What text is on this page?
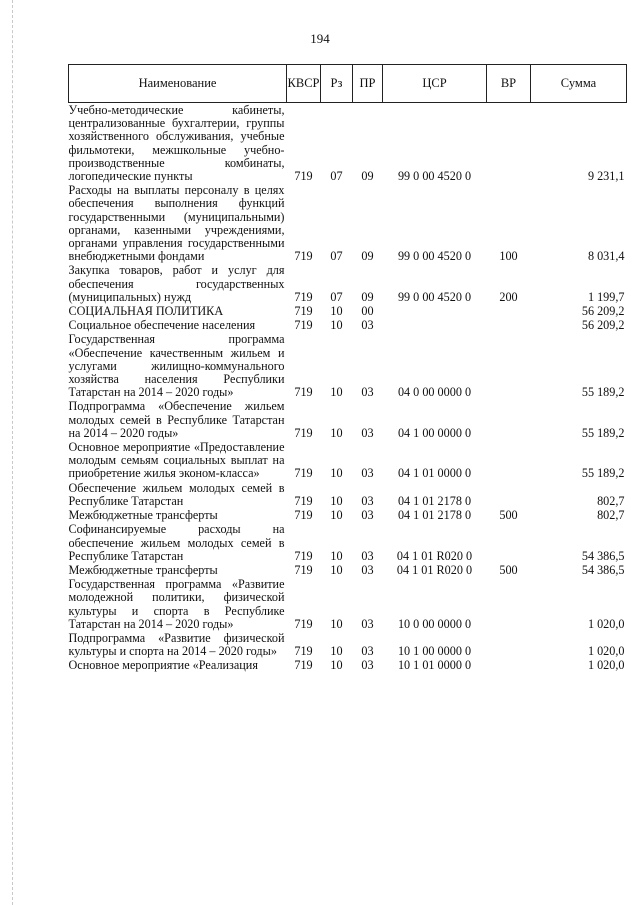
194
Наименование	КВСР	Рз	ПР	ЦСР	ВР	Сумма
Учебно-методические кабинеты, централизованные бухгалтерии, группы хозяйственного обслуживания, учебные фильмотеки, межшкольные учебно-производственные комбинаты, логопедические пункты	719	07	09	99 0 00 4520 0		9 231,1
Расходы на выплаты персоналу в целях обеспечения выполнения функций государственными (муниципальными) органами, казенными учреждениями, органами управления государственными внебюджетными фондами	719	07	09	99 0 00 4520 0	100	8 031,4
Закупка товаров, работ и услуг для обеспечения государственных (муниципальных) нужд	719	07	09	99 0 00 4520 0	200	1 199,7
СОЦИАЛЬНАЯ ПОЛИТИКА	719	10	00			56 209,2
Социальное обеспечение населения	719	10	03			56 209,2
Государственная программа «Обеспечение качественным жильем и услугами жилищно-коммунального хозяйства населения Республики Татарстан на 2014 – 2020 годы»	719	10	03	04 0 00 0000 0		55 189,2
Подпрограмма «Обеспечение жильем молодых семей в Республике Татарстан на 2014 – 2020 годы»	719	10	03	04 1 00 0000 0		55 189,2
Основное мероприятие «Предоставление молодым семьям социальных выплат на приобретение жилья эконом-класса»	719	10	03	04 1 01 0000 0		55 189,2
Обеспечение жильем молодых семей в Республике Татарстан	719	10	03	04 1 01 2178 0		802,7
Межбюджетные трансферты	719	10	03	04 1 01 2178 0	500	802,7
Софинансируемые расходы на обеспечение жильем молодых семей в Республике Татарстан	719	10	03	04 1 01 R020 0		54 386,5
Межбюджетные трансферты	719	10	03	04 1 01 R020 0	500	54 386,5
Государственная программа «Развитие молодежной политики, физической культуры и спорта в Республике Татарстан на 2014 – 2020 годы»	719	10	03	10 0 00 0000 0		1 020,0
Подпрограмма «Развитие физической культуры и спорта на 2014 – 2020 годы»	719	10	03	10 1 00 0000 0		1 020,0
Основное мероприятие «Реализация	719	10	03	10 1 01 0000 0		1 020,0
